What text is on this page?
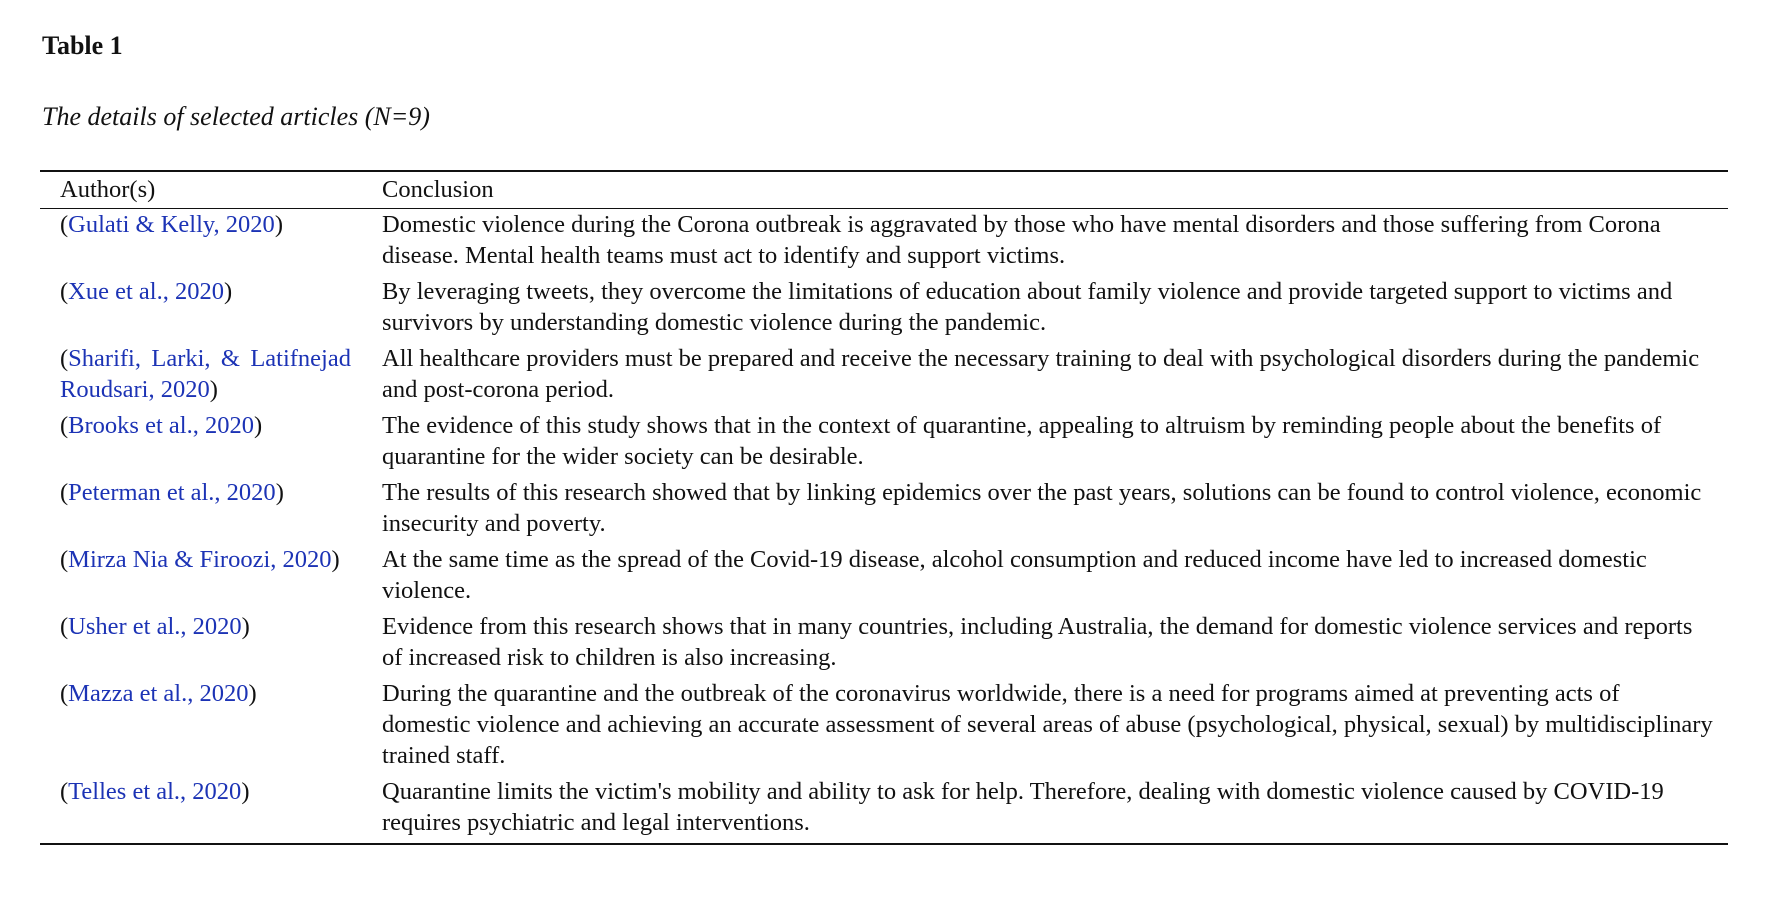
Table 1
The details of selected articles (N=9)
Author(s)	Conclusion
(Gulati & Kelly, 2020)	Domestic violence during the Corona outbreak is aggravated by those who have mental disorders and those suffering from Corona disease. Mental health teams must act to identify and support victims.
(Xue et al., 2020)	By leveraging tweets, they overcome the limitations of education about family violence and provide targeted support to victims and survivors by understanding domestic violence during the pandemic.
(Sharifi, Larki, & Latifnejad Roudsari, 2020)	All healthcare providers must be prepared and receive the necessary training to deal with psychological disorders during the pandemic and post-corona period.
(Brooks et al., 2020)	The evidence of this study shows that in the context of quarantine, appealing to altruism by reminding people about the benefits of quarantine for the wider society can be desirable.
(Peterman et al., 2020)	The results of this research showed that by linking epidemics over the past years, solutions can be found to control violence, economic insecurity and poverty.
(Mirza Nia & Firoozi, 2020)	At the same time as the spread of the Covid-19 disease, alcohol consumption and reduced income have led to increased domestic violence.
(Usher et al., 2020)	Evidence from this research shows that in many countries, including Australia, the demand for domestic violence services and reports of increased risk to children is also increasing.
(Mazza et al., 2020)	During the quarantine and the outbreak of the coronavirus worldwide, there is a need for programs aimed at preventing acts of domestic violence and achieving an accurate assessment of several areas of abuse (psychological, physical, sexual) by multidisciplinary trained staff.
(Telles et al., 2020)	Quarantine limits the victim's mobility and ability to ask for help. Therefore, dealing with domestic violence caused by COVID-19 requires psychiatric and legal interventions.
